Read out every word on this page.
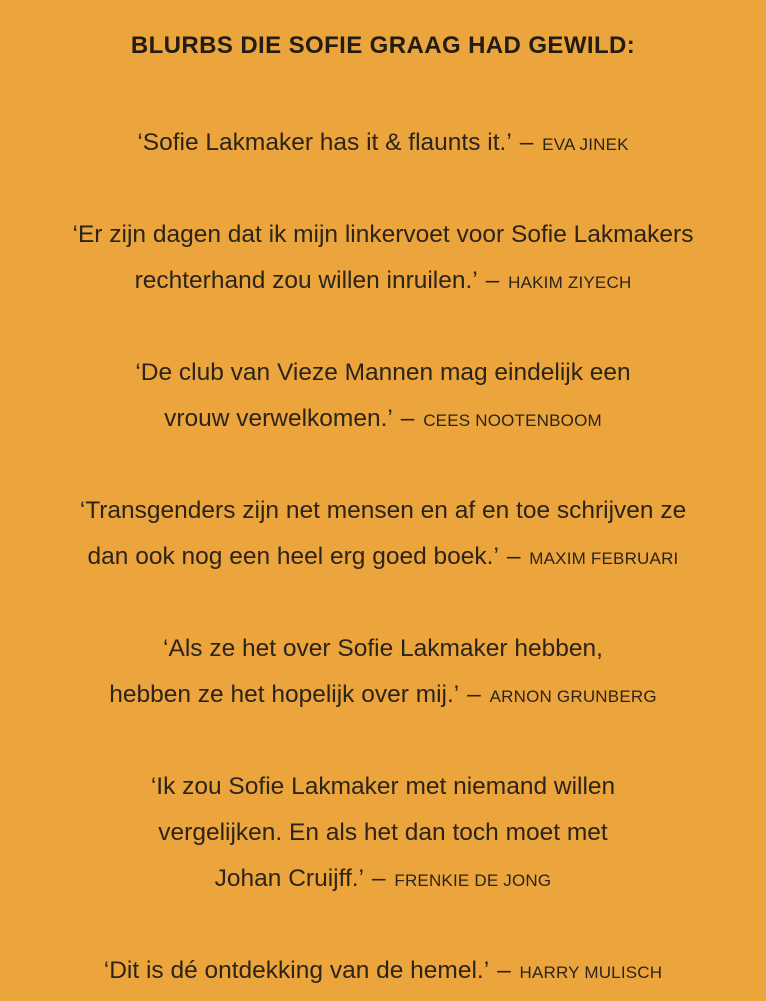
BLURBS DIE SOFIE GRAAG HAD GEWILD:

‘Sofie Lakmaker has it & flaunts it.’ – EVA JINEK

‘Er zijn dagen dat ik mijn linkervoet voor Sofie Lakmakers
rechterhand zou willen inruilen.’ – HAKIM ZIYECH

‘De club van Vieze Mannen mag eindelijk een
vrouw verwelkomen.’ – CEES NOOTENBOOM

‘Transgenders zijn net mensen en af en toe schrijven ze
dan ook nog een heel erg goed boek.’ – MAXIM FEBRUARI

‘Als ze het over Sofie Lakmaker hebben,
hebben ze het hopelijk over mij.’ – ARNON GRUNBERG

‘Ik zou Sofie Lakmaker met niemand willen
vergelijken. En als het dan toch moet met
Johan Cruijff.’ – FRENKIE DE JONG

‘Dit is dé ontdekking van de hemel.’ – HARRY MULISCH
